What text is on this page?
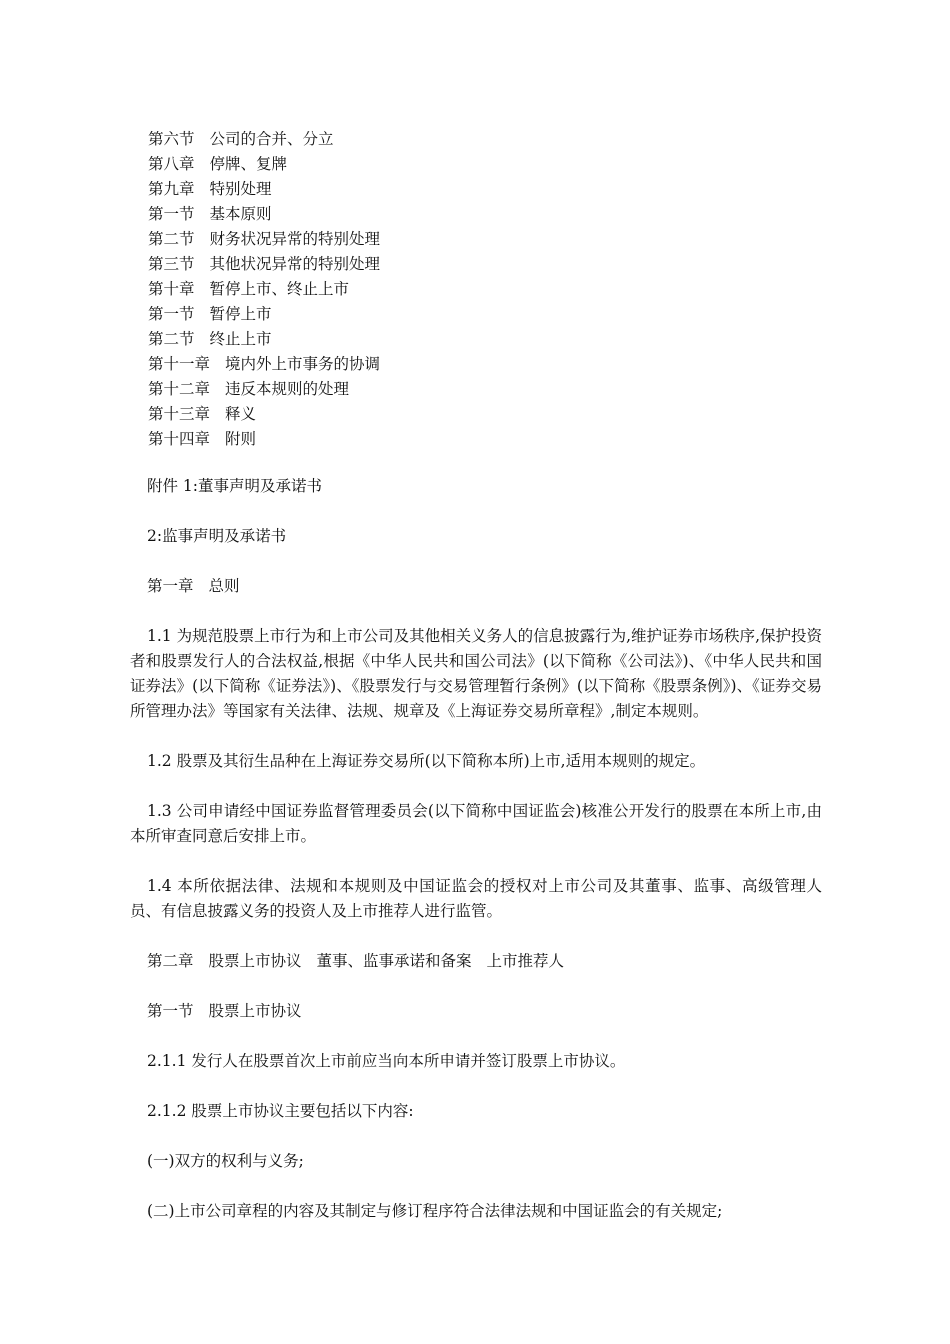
第六节 公司的合并、分立
第八章 停牌、复牌
第九章 特别处理
第一节 基本原则
第二节 财务状况异常的特别处理
第三节 其他状况异常的特别处理
第十章 暂停上市、终止上市
第一节 暂停上市
第二节 终止上市
第十一章 境内外上市事务的协调
第十二章 违反本规则的处理
第十三章 释义
第十四章 附则

附件 1:董事声明及承诺书

2:监事声明及承诺书

第一章 总则

1.1 为规范股票上市行为和上市公司及其他相关义务人的信息披露行为,维护证券市场秩序,保护投资者和股票发行人的合法权益,根据《中华人民共和国公司法》(以下简称《公司法》)、《中华人民共和国证券法》(以下简称《证券法》)、《股票发行与交易管理暂行条例》(以下简称《股票条例》)、《证券交易所管理办法》等国家有关法律、法规、规章及《上海证券交易所章程》,制定本规则。

1.2 股票及其衍生品种在上海证券交易所(以下简称本所)上市,适用本规则的规定。

1.3 公司申请经中国证券监督管理委员会(以下简称中国证监会)核准公开发行的股票在本所上市,由本所审查同意后安排上市。

1.4 本所依据法律、法规和本规则及中国证监会的授权对上市公司及其董事、监事、高级管理人员、有信息披露义务的投资人及上市推荐人进行监管。

第二章 股票上市协议 董事、监事承诺和备案 上市推荐人

第一节 股票上市协议

2.1.1 发行人在股票首次上市前应当向本所申请并签订股票上市协议。

2.1.2 股票上市协议主要包括以下内容:

(一)双方的权利与义务;

(二)上市公司章程的内容及其制定与修订程序符合法律法规和中国证监会的有关规定;
